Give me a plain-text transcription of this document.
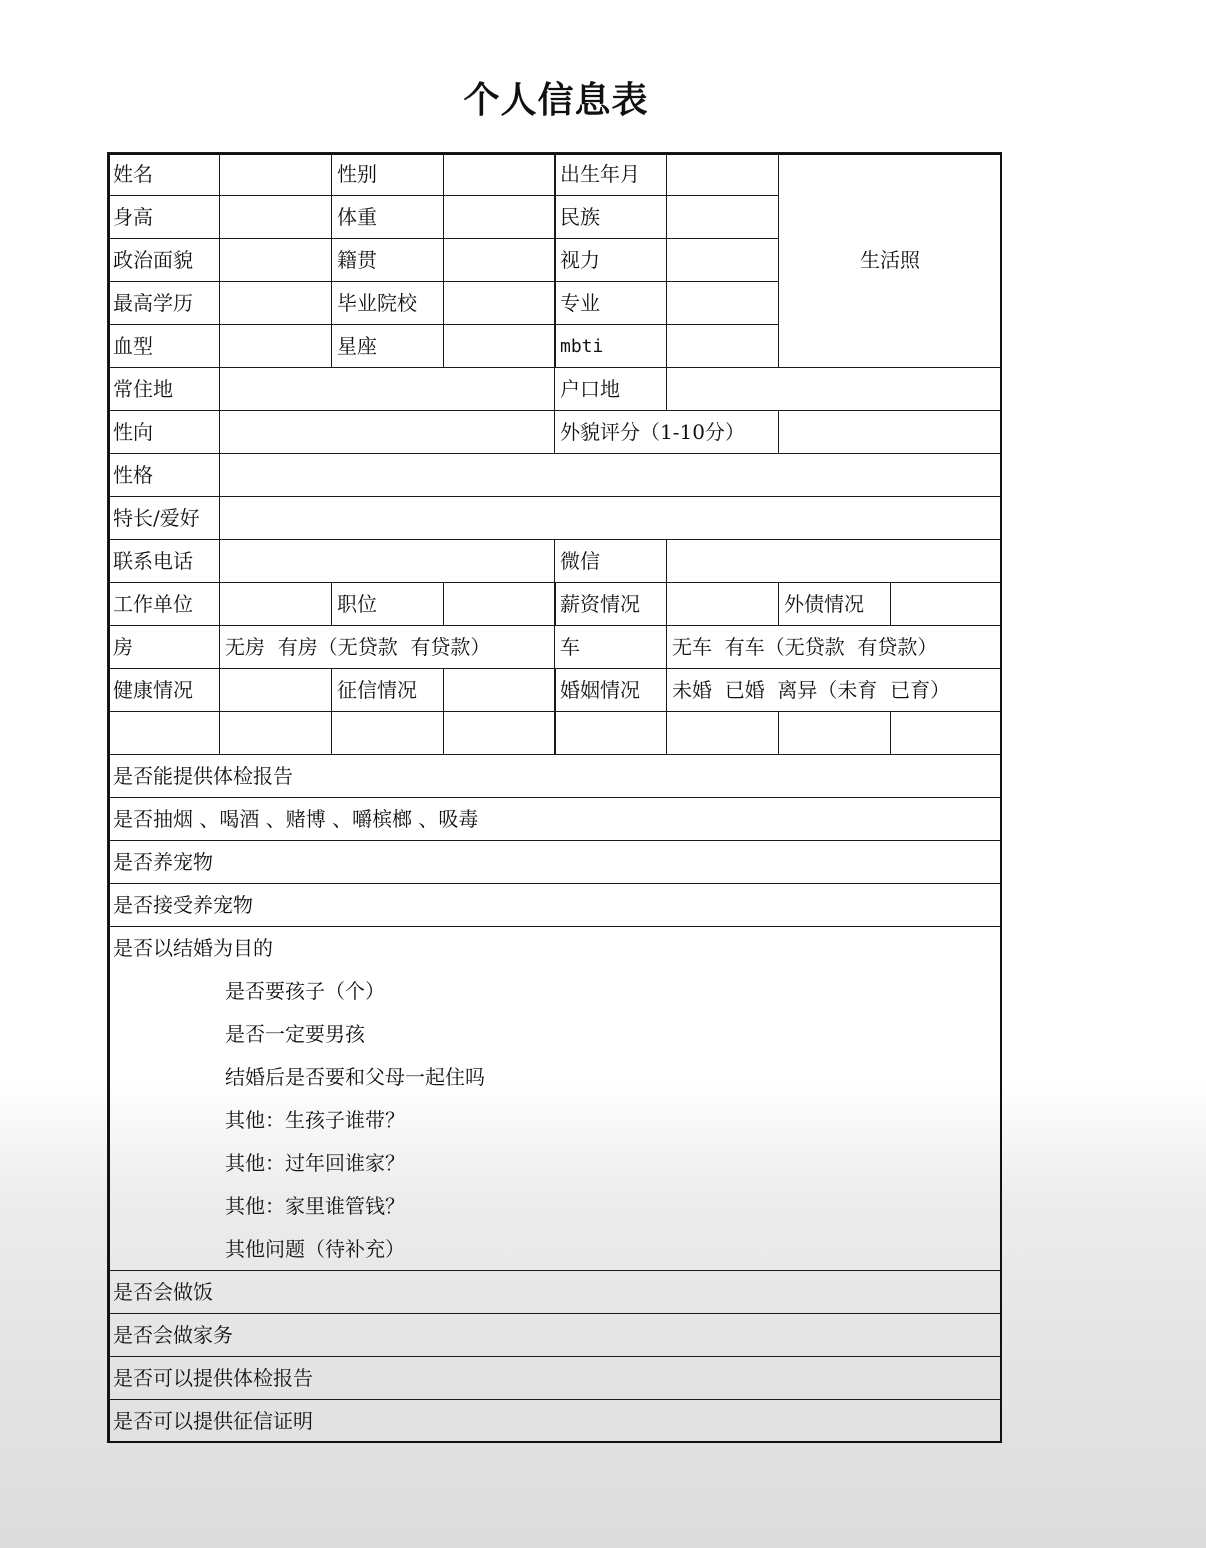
个人信息表
姓名	性别	出生年月
生活照
身高	体重	民族
政治面貌	籍贯	视力
最高学历	毕业院校	专业
血型	星座	mbti
常住地	户口地
性向	外貌评分（1-10分）
性格
特长/爱好
联系电话	微信
工作单位	职位	薪资情况	外债情况
房	无房  有房（无贷款  有贷款）	车	无车  有车（无贷款  有贷款）
健康情况	征信情况	婚姻情况	未婚  已婚  离异（未育  已育）
是否能提供体检报告
是否抽烟 、喝酒 、赌博 、嚼槟榔 、吸毒
是否养宠物
是否接受养宠物
是否以结婚为目的
是否要孩子（个）
是否一定要男孩
结婚后是否要和父母一起住吗
其他：生孩子谁带？
其他：过年回谁家？
其他：家里谁管钱？
其他问题（待补充）
是否会做饭
是否会做家务
是否可以提供体检报告
是否可以提供征信证明
